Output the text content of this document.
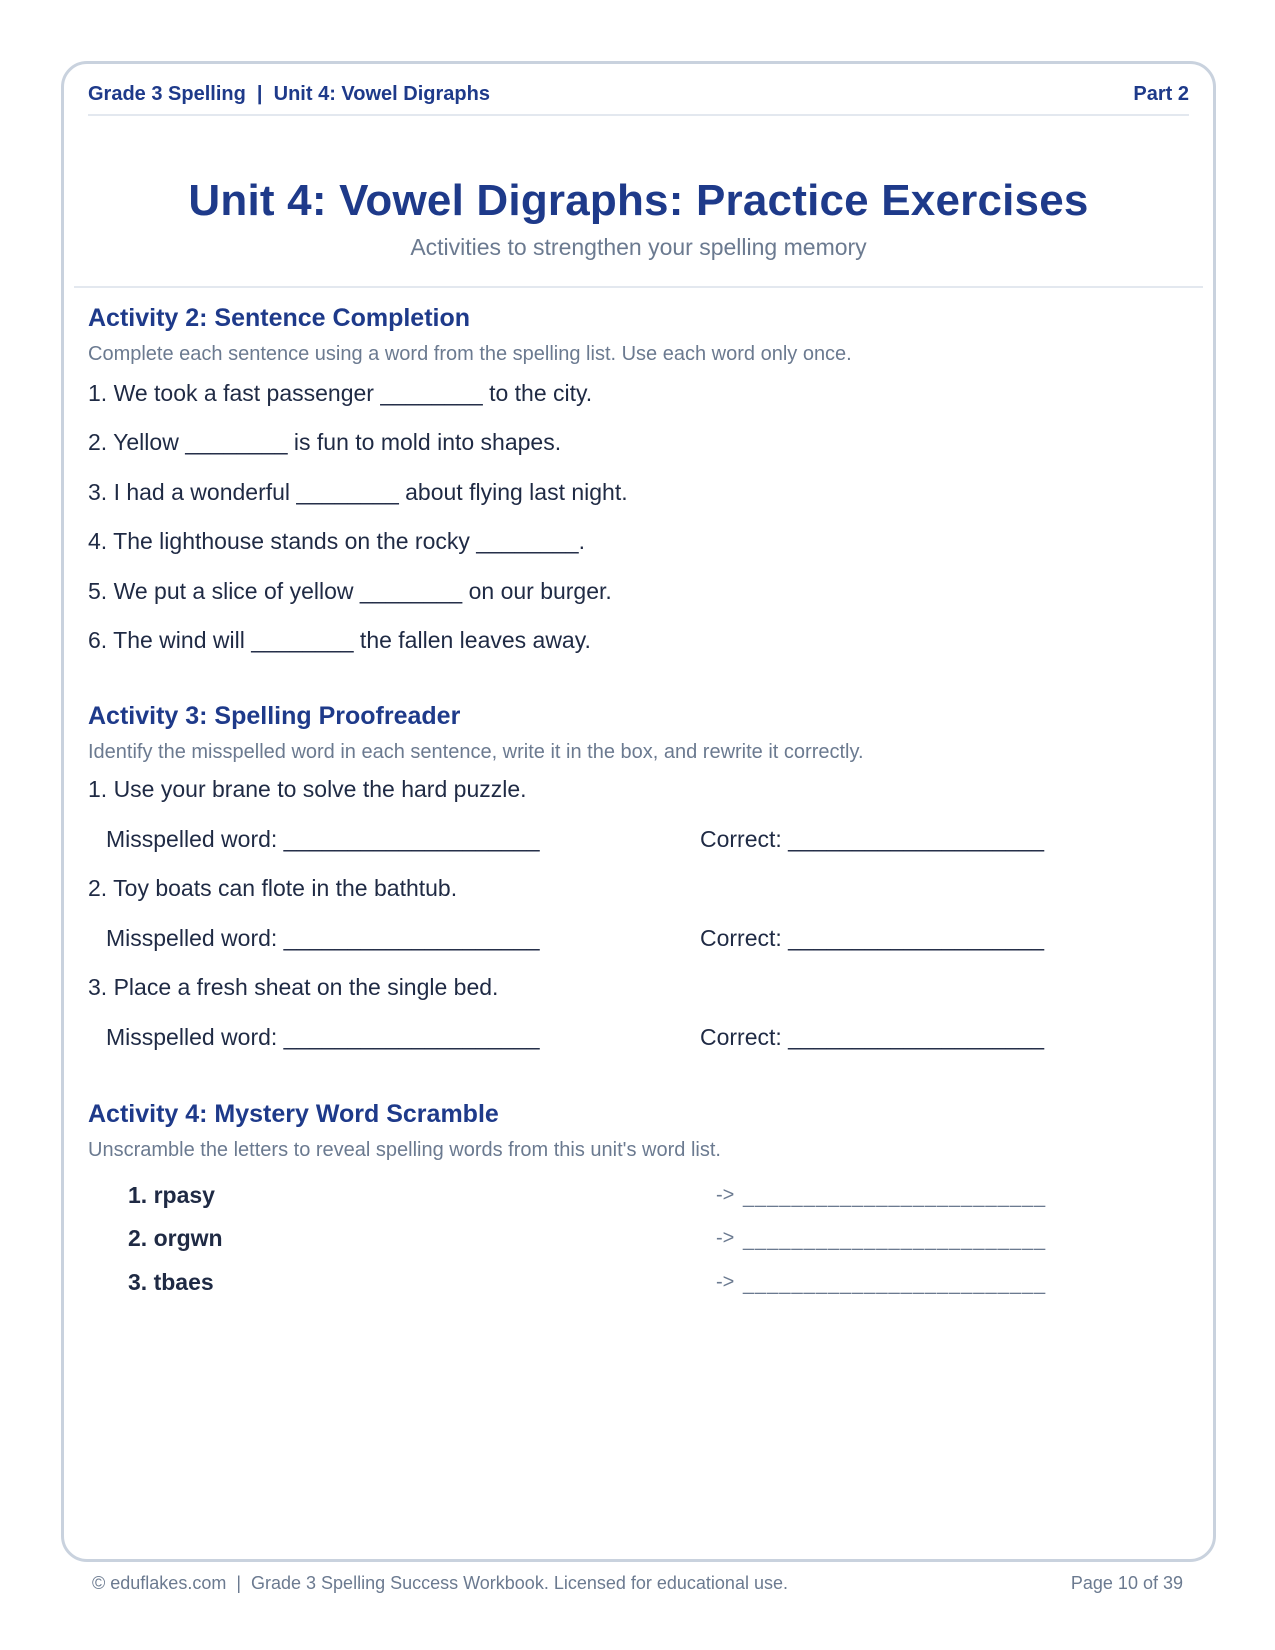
Grade 3 Spelling  |  Unit 4: Vowel Digraphs	Part 2
Unit 4: Vowel Digraphs: Practice Exercises
Activities to strengthen your spelling memory
Activity 2: Sentence Completion
Complete each sentence using a word from the spelling list. Use each word only once.
1. We took a fast passenger ________ to the city.
2. Yellow ________ is fun to mold into shapes.
3. I had a wonderful ________ about flying last night.
4. The lighthouse stands on the rocky ________.
5. We put a slice of yellow ________ on our burger.
6. The wind will ________ the fallen leaves away.
Activity 3: Spelling Proofreader
Identify the misspelled word in each sentence, write it in the box, and rewrite it correctly.
1. Use your brane to solve the hard puzzle.
Misspelled word: ____________________	Correct: ____________________
2. Toy boats can flote in the bathtub.
Misspelled word: ____________________	Correct: ____________________
3. Place a fresh sheat on the single bed.
Misspelled word: ____________________	Correct: ____________________
Activity 4: Mystery Word Scramble
Unscramble the letters to reveal spelling words from this unit's word list.
1. rpasy	-> _________________________
2. orgwn	-> _________________________
3. tbaes	-> _________________________
© eduflakes.com  |  Grade 3 Spelling Success Workbook. Licensed for educational use.	Page 10 of 39
